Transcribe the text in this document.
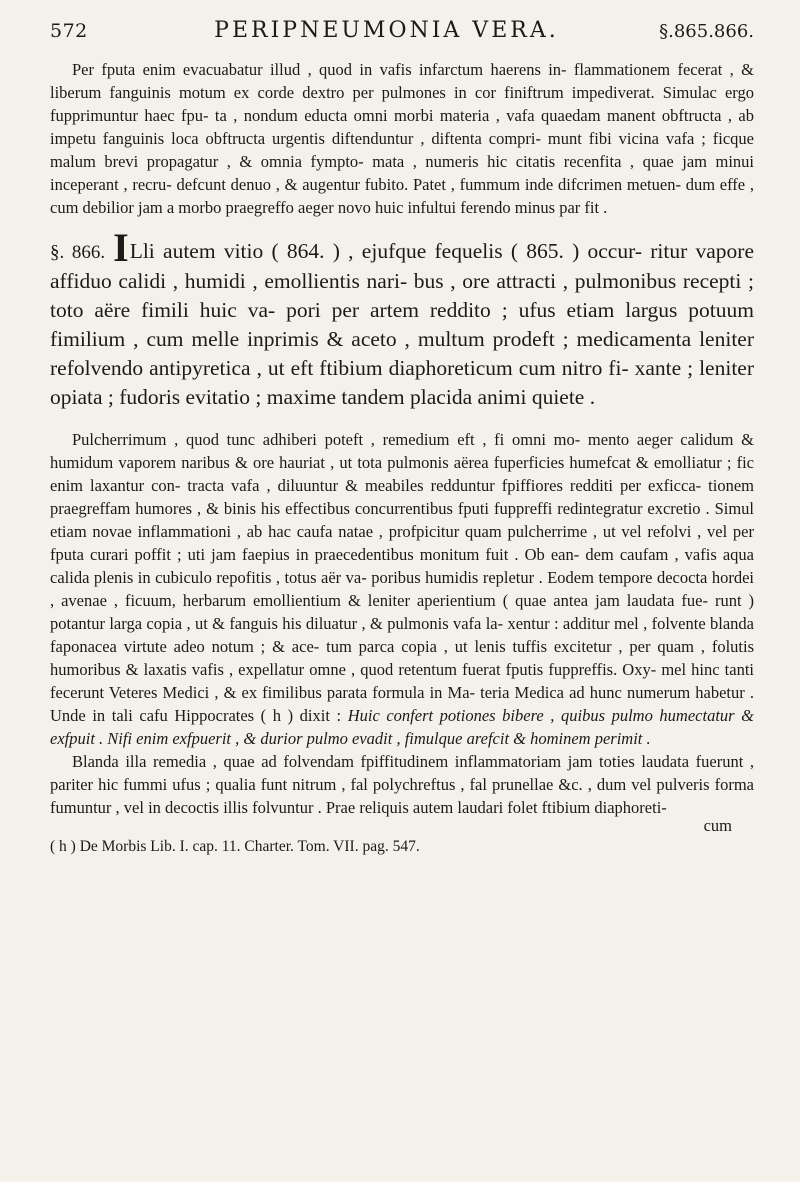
572	PERIPNEUMONIA VERA.	§.865.866.

Per fputa enim evacuabatur illud , quod in vafis infarctum haerens in- flammationem fecerat , & liberum fanguinis motum ex corde dextro per pulmones in cor finiftrum impediverat. Simulac ergo fupprimuntur haec fpu- ta , nondum educta omni morbi materia , vafa quaedam manent obftructa , ab impetu fanguinis loca obftructa urgentis diftenduntur , diftenta compri- munt fibi vicina vafa ; ficque malum brevi propagatur , & omnia fympto- mata , numeris hic citatis recenfita , quae jam minui inceperant , recru- defcunt denuo , & augentur fubito. Patet , fummum inde difcrimen metuen- dum effe , cum debilior jam a morbo praegreffo aeger novo huic infultui ferendo minus par fit .

§. 866. ILli autem vitio ( 864. ) , ejufque fequelis ( 865. ) occur- ritur vapore affiduo calidi , humidi , emollientis nari- bus , ore attracti , pulmonibus recepti ; toto aëre fimili huic va- pori per artem reddito ; ufus etiam largus potuum fimilium , cum melle inprimis & aceto , multum prodeft ; medicamenta leniter refolvendo antipyretica , ut eft ftibium diaphoreticum cum nitro fi- xante ; leniter opiata ; fudoris evitatio ; maxime tandem placida animi quiete .

Pulcherrimum , quod tunc adhiberi poteft , remedium eft , fi omni mo- mento aeger calidum & humidum vaporem naribus & ore hauriat , ut tota pulmonis aërea fuperficies humefcat & emolliatur ; fic enim laxantur con- tracta vafa , diluuntur & meabiles redduntur fpiffiores redditi per exficca- tionem praegreffam humores , & binis his effectibus concurrentibus fputi fuppreffi redintegratur excretio . Simul etiam novae inflammationi , ab hac caufa natae , profpicitur quam pulcherrime , ut vel refolvi , vel per fputa curari poffit ; uti jam faepius in praecedentibus monitum fuit . Ob ean- dem caufam , vafis aqua calida plenis in cubiculo repofitis , totus aër va- poribus humidis repletur . Eodem tempore decocta hordei , avenae , ficuum, herbarum emollientium & leniter aperientium ( quae antea jam laudata fue- runt ) potantur larga copia , ut & fanguis his diluatur , & pulmonis vafa la- xentur : additur mel , folvente blanda faponacea virtute adeo notum ; & ace- tum parca copia , ut lenis tuffis excitetur , per quam , folutis humoribus & laxatis vafis , expellatur omne , quod retentum fuerat fputis fuppreffis. Oxy- mel hinc tanti fecerunt Veteres Medici , & ex fimilibus parata formula in Ma- teria Medica ad hunc numerum habetur . Unde in tali cafu Hippocrates ( h ) dixit : Huic confert potiones bibere , quibus pulmo humectatur & exfpuit . Nifi enim exfpuerit , & durior pulmo evadit , fimulque arefcit & hominem perimit .

Blanda illa remedia , quae ad folvendam fpiffitudinem inflammatoriam jam toties laudata fuerunt , pariter hic fummi ufus ; qualia funt nitrum , fal polychreftus , fal prunellae &c. , dum vel pulveris forma fumuntur , vel in decoctis illis folvuntur . Prae reliquis autem laudari folet ftibium diaphoreti-

cum
( h ) De Morbis Lib. I. cap. 11. Charter. Tom. VII. pag. 547.
